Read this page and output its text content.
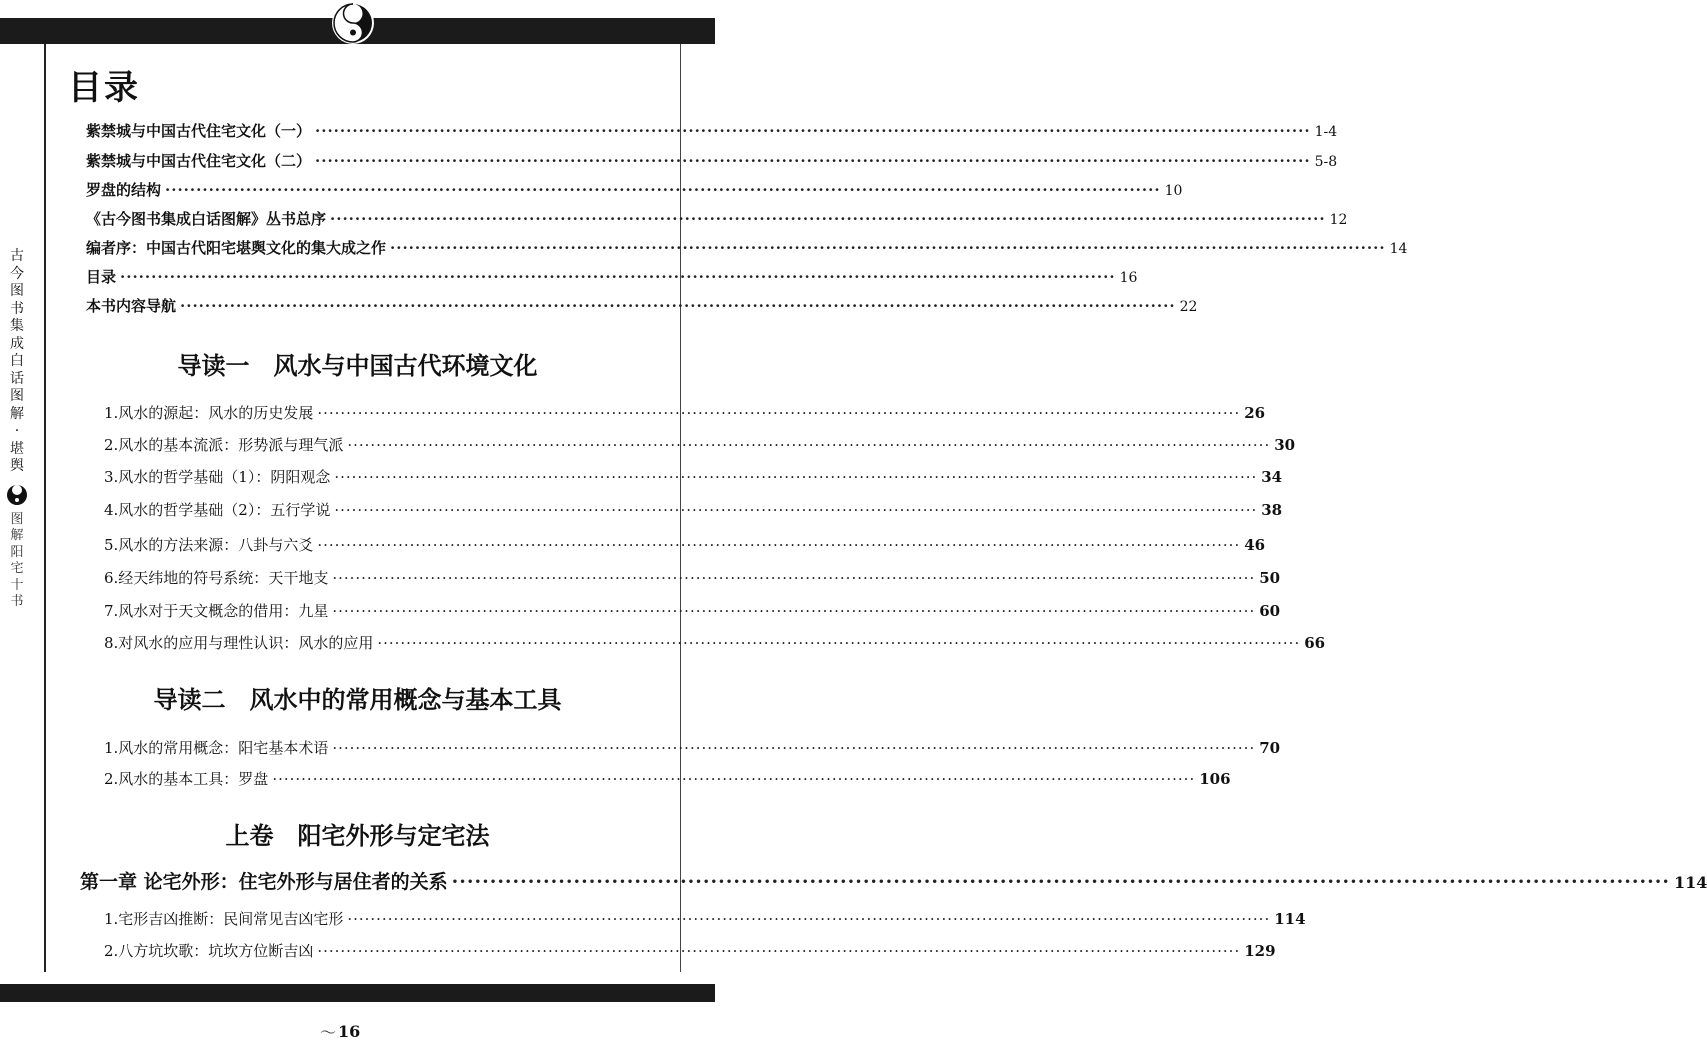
古
今
图
书
集
成
白
话
图
解
·
堪
舆
图
解
阳
宅
十
书
目录
紫禁城与中国古代住宅文化（一） ································································································································································ 1-4
紫禁城与中国古代住宅文化（二） ································································································································································ 5-8
罗盘的结构 ································································································································································ 10
《古今图书集成白话图解》丛书总序 ································································································································································ 12
编者序：中国古代阳宅堪舆文化的集大成之作 ································································································································································ 14
目录 ································································································································································ 16
本书内容导航 ································································································································································ 22
导读一　风水与中国古代环境文化
1.风水的源起：风水的历史发展 ································································································································································ 26
2.风水的基本流派：形势派与理气派 ································································································································································ 30
3.风水的哲学基础（1）：阴阳观念 ································································································································································ 34
4.风水的哲学基础（2）：五行学说 ································································································································································ 38
5.风水的方法来源：八卦与六爻 ································································································································································ 46
6.经天纬地的符号系统：天干地支 ································································································································································ 50
7.风水对于天文概念的借用：九星 ································································································································································ 60
8.对风水的应用与理性认识：风水的应用 ································································································································································ 66
导读二　风水中的常用概念与基本工具
1.风水的常用概念：阳宅基本术语 ································································································································································ 70
2.风水的基本工具：罗盘 ································································································································································ 106
上卷　阳宅外形与定宅法
第一章 论宅外形：住宅外形与居住者的关系 ································································································································································ 114
1.宅形吉凶推断：民间常见吉凶宅形 ································································································································································ 114
2.八方坑坎歌：坑坎方位断吉凶 ································································································································································ 129
〜 16
